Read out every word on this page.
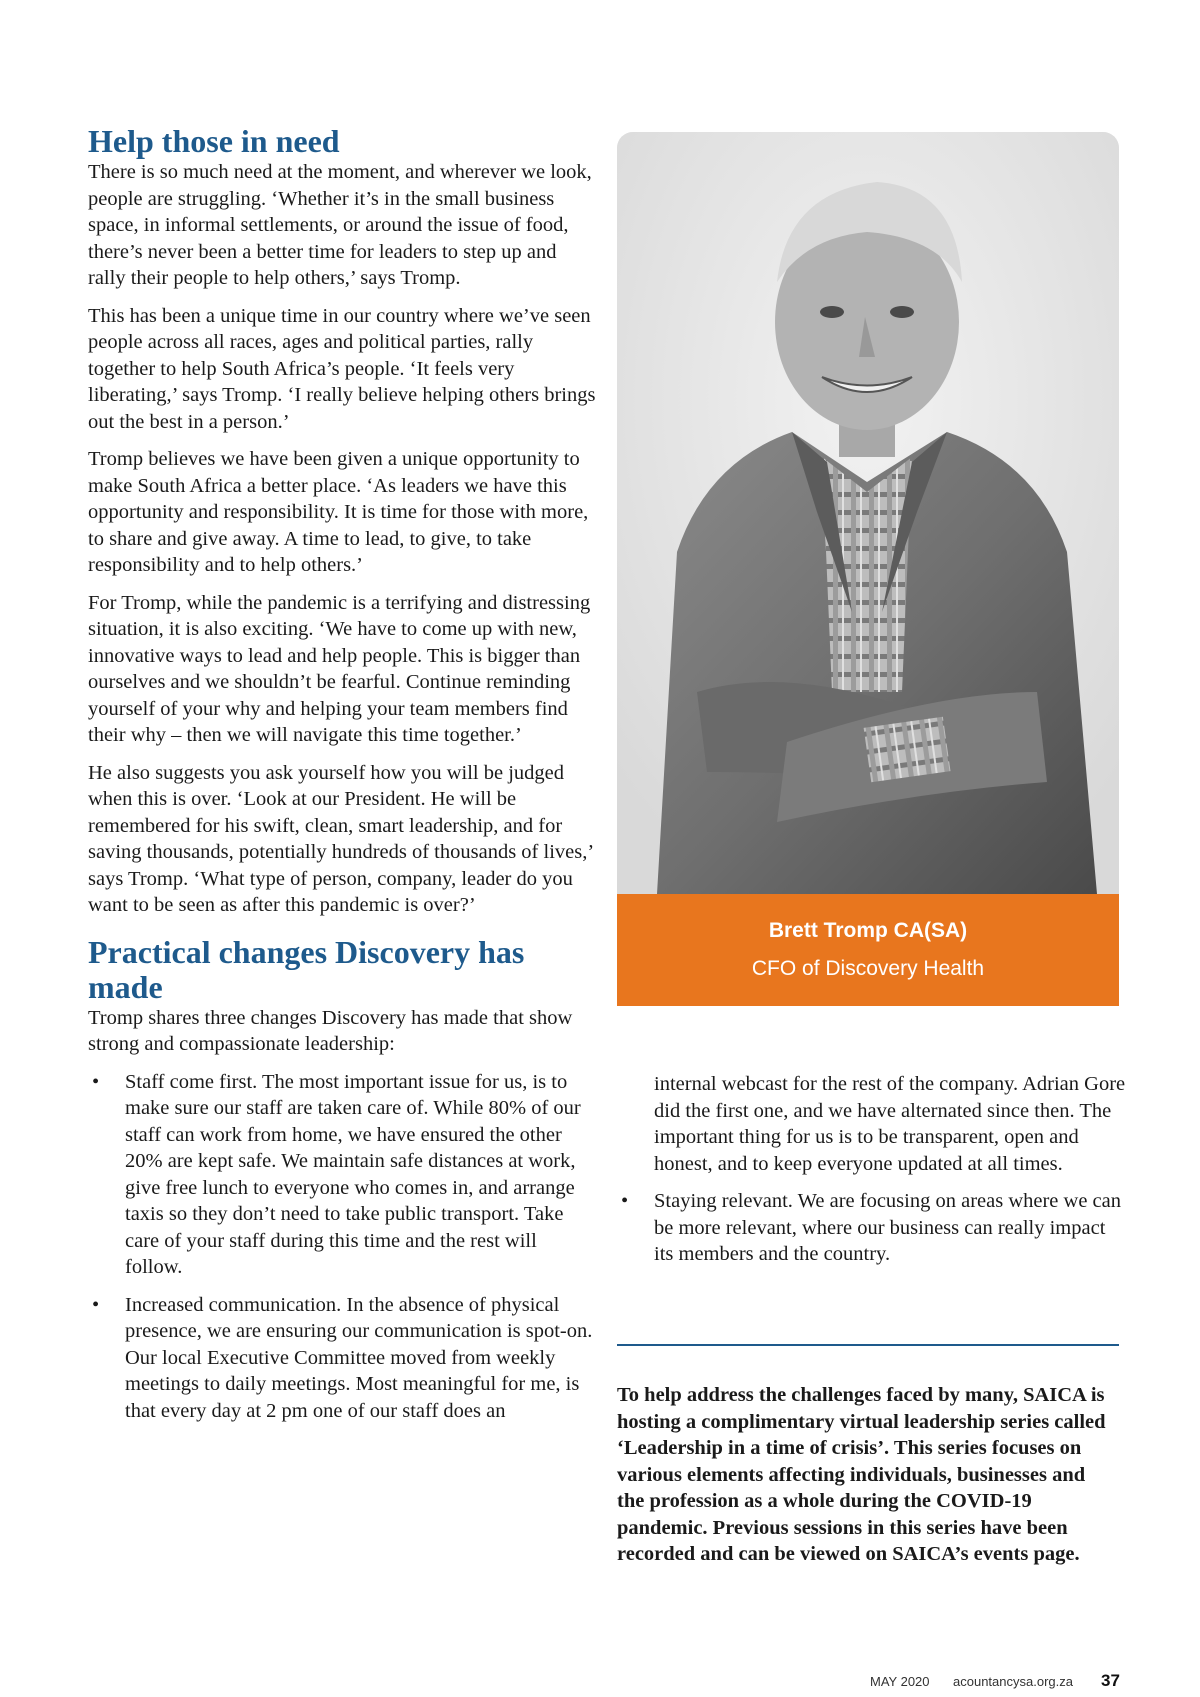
Help those in need

There is so much need at the moment, and wherever we look, people are struggling. ‘Whether it’s in the small business space, in informal settlements, or around the issue of food, there’s never been a better time for leaders to step up and rally their people to help others,’ says Tromp.

This has been a unique time in our country where we’ve seen people across all races, ages and political parties, rally together to help South Africa’s people. ‘It feels very liberating,’ says Tromp. ‘I really believe helping others brings out the best in a person.’

Tromp believes we have been given a unique opportunity to make South Africa a better place. ‘As leaders we have this opportunity and responsibility. It is time for those with more, to share and give away. A time to lead, to give, to take responsibility and to help others.’

For Tromp, while the pandemic is a terrifying and distressing situation, it is also exciting. ‘We have to come up with new, innovative ways to lead and help people. This is bigger than ourselves and we shouldn’t be fearful. Continue reminding yourself of your why and helping your team members find their why – then we will navigate this time together.’

He also suggests you ask yourself how you will be judged when this is over. ‘Look at our President. He will be remembered for his swift, clean, smart leadership, and for saving thousands, potentially hundreds of thousands of lives,’ says Tromp. ‘What type of person, company, leader do you want to be seen as after this pandemic is over?’

Practical changes Discovery has made

Tromp shares three changes Discovery has made that show strong and compassionate leadership:

• Staff come first. The most important issue for us, is to make sure our staff are taken care of. While 80% of our staff can work from home, we have ensured the other 20% are kept safe. We maintain safe distances at work, give free lunch to everyone who comes in, and arrange taxis so they don’t need to take public transport. Take care of your staff during this time and the rest will follow.
• Increased communication. In the absence of physical presence, we are ensuring our communication is spot-on. Our local Executive Committee moved from weekly meetings to daily meetings. Most meaningful for me, is that every day at 2 pm one of our staff does an
Brett Tromp CA(SA)
CFO of Discovery Health

internal webcast for the rest of the company. Adrian Gore did the first one, and we have alternated since then. The important thing for us is to be transparent, open and honest, and to keep everyone updated at all times.

• Staying relevant. We are focusing on areas where we can be more relevant, where our business can really impact its members and the country.
To help address the challenges faced by many, SAICA is hosting a complimentary virtual leadership series called ‘Leadership in a time of crisis’. This series focuses on various elements affecting individuals, businesses and the profession as a whole during the COVID-19 pandemic. Previous sessions in this series have been recorded and can be viewed on SAICA’s events page.
MAY 2020 acountancysa.org.za 37
